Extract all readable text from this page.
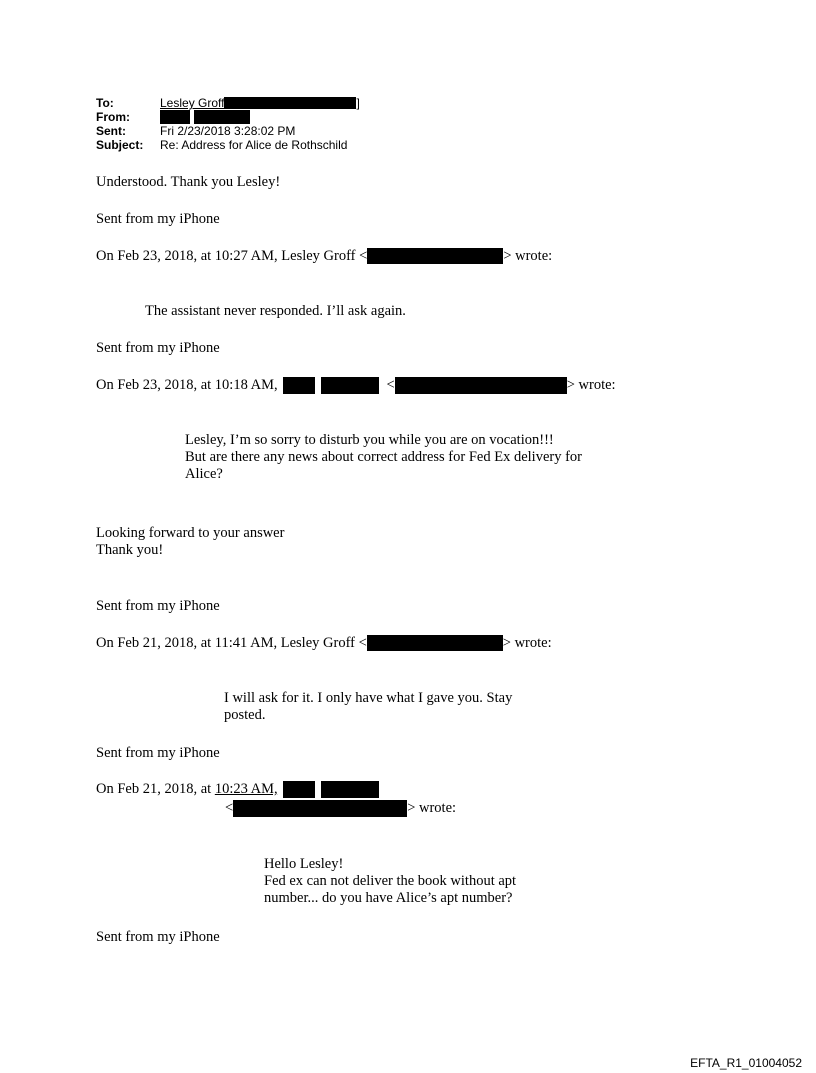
To:	Lesley Groff	]
From:
Sent:	Fri 2/23/2018 3:28:02 PM
Subject:	Re: Address for Alice de Rothschild
Understood. Thank you Lesley!
Sent from my iPhone
On Feb 23, 2018, at 10:27 AM, Lesley Groff <	> wrote:
The assistant never responded. I’ll ask again.
Sent from my iPhone
On Feb 23, 2018, at 10:18 AM,	<	> wrote:
Lesley, I’m so sorry to disturb you while you are on vocation!!!
But are there any news about correct address for Fed Ex delivery for
Alice?
Looking forward to your answer
Thank you!
Sent from my iPhone
On Feb 21, 2018, at 11:41 AM, Lesley Groff <	> wrote:
I will ask for it. I only have what I gave you. Stay
posted.
Sent from my iPhone
On Feb 21, 2018, at 10:23 AM,
<	> wrote:
Hello Lesley!
Fed ex can not deliver the book without apt
number... do you have Alice’s apt number?
Sent from my iPhone
EFTA_R1_01004052
